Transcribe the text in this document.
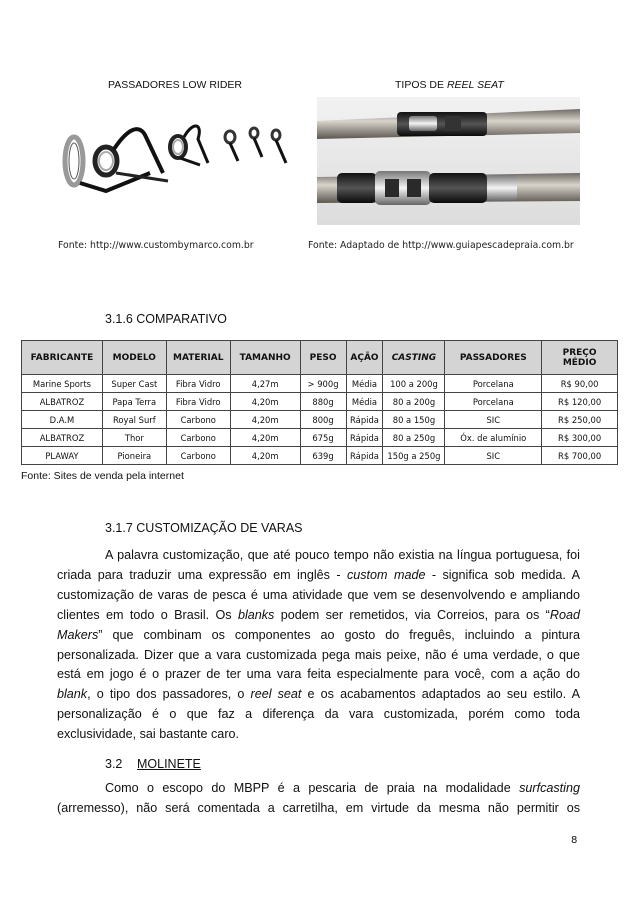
PASSADORES LOW RIDER	TIPOS DE REEL SEAT
Fonte: http://www.custombymarco.com.br	Fonte: Adaptado de http://www.guiapescadepraia.com.br
3.1.6 COMPARATIVO
FABRICANTE	MODELO	MATERIAL	TAMANHO	PESO	AÇÃO	CASTING	PASSADORES	PREÇO MÉDIO
Marine Sports	Super Cast	Fibra Vidro	4,27m	> 900g	Média	100 a 200g	Porcelana	R$ 90,00
ALBATROZ	Papa Terra	Fibra Vidro	4,20m	880g	Média	80 a 200g	Porcelana	R$ 120,00
D.A.M	Royal Surf	Carbono	4,20m	800g	Rápida	80 a 150g	SIC	R$ 250,00
ALBATROZ	Thor	Carbono	4,20m	675g	Rápida	80 a 250g	Óx. de alumínio	R$ 300,00
PLAWAY	Pioneira	Carbono	4,20m	639g	Rápida	150g a 250g	SIC	R$ 700,00
Fonte: Sites de venda pela internet
3.1.7 CUSTOMIZAÇÃO DE VARAS

A palavra customização, que até pouco tempo não existia na língua portuguesa, foi
criada para traduzir uma expressão em inglês - custom made - significa sob medida. A
customização de varas de pesca é uma atividade que vem se desenvolvendo e ampliando
clientes em todo o Brasil. Os blanks podem ser remetidos, via Correios, para os “Road
Makers” que combinam os componentes ao gosto do freguês, incluindo a pintura
personalizada. Dizer que a vara customizada pega mais peixe, não é uma verdade, o que
está em jogo é o prazer de ter uma vara feita especialmente para você, com a ação do
blank, o tipo dos passadores, o reel seat e os acabamentos adaptados ao seu estilo. A
personalização é o que faz a diferença da vara customizada, porém como toda
exclusividade, sai bastante caro.

3.2 MOLINETE

Como o escopo do MBPP é a pescaria de praia na modalidade surfcasting
(arremesso), não será comentada a carretilha, em virtude da mesma não permitir os

8
